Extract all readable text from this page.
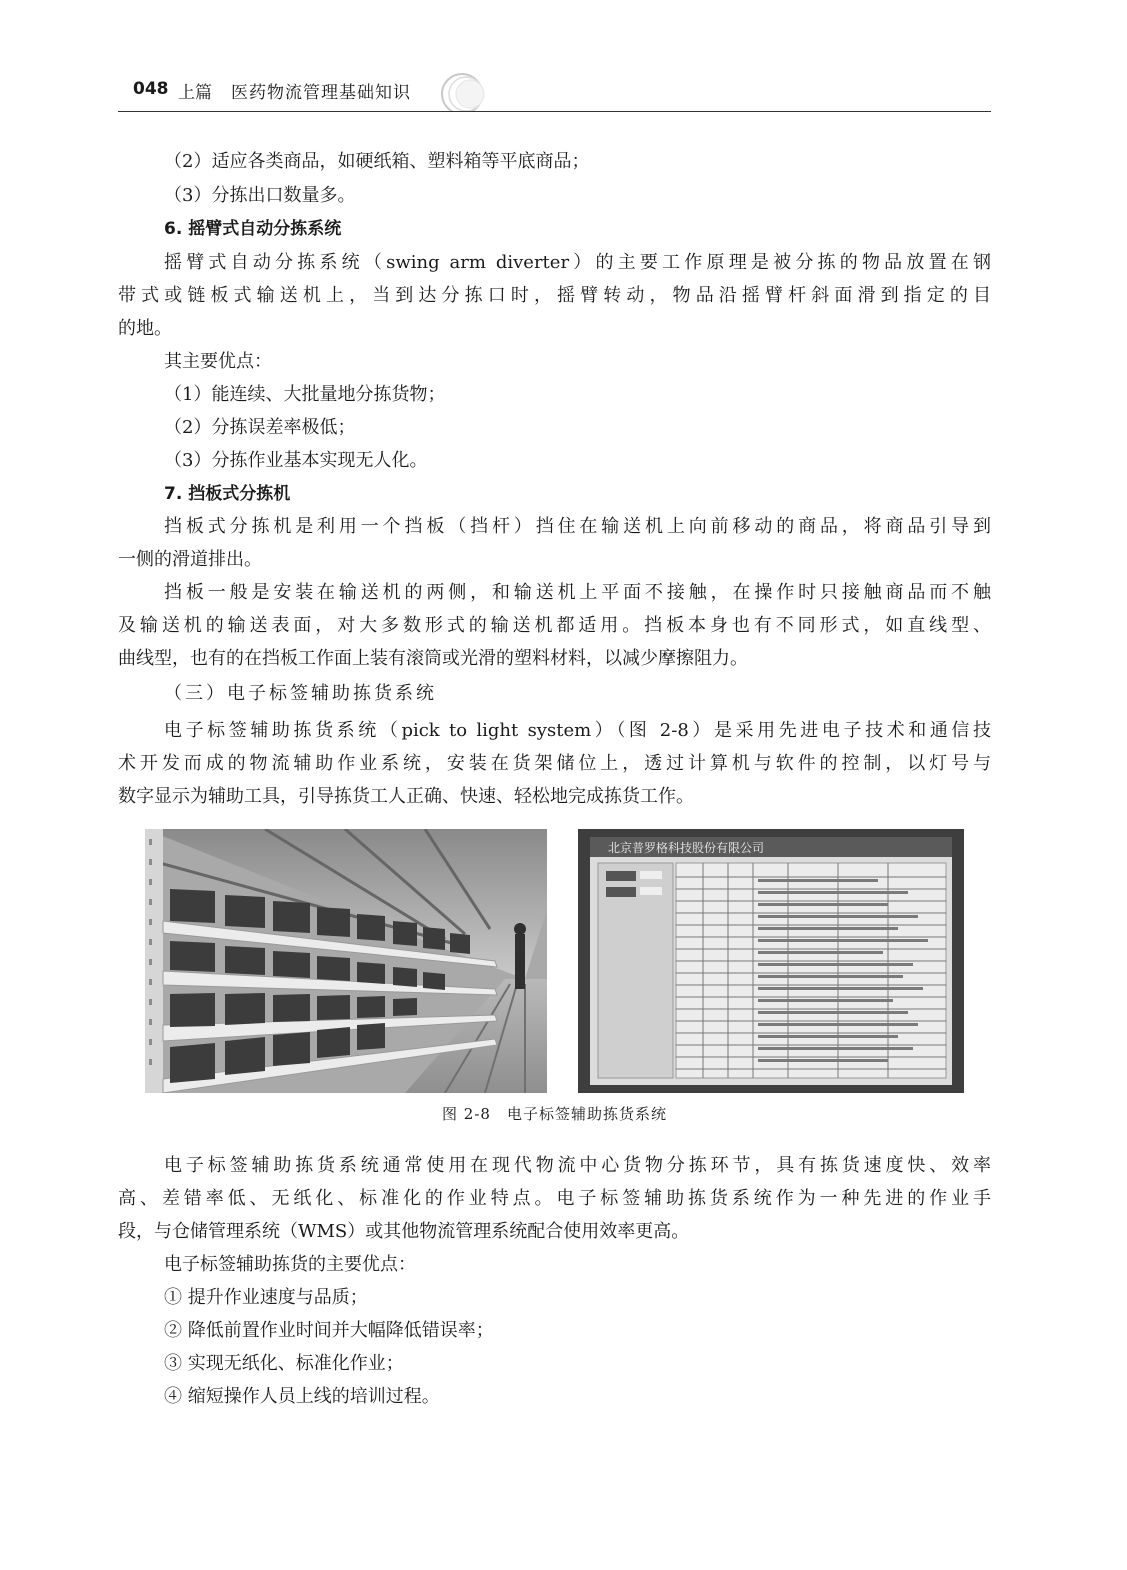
048 上篇 医药物流管理基础知识
（2）适应各类商品，如硬纸箱、塑料箱等平底商品；
（3）分拣出口数量多。
6. 摇臂式自动分拣系统
摇臂式自动分拣系统（swing arm diverter）的主要工作原理是被分拣的物品放置在钢
带式或链板式输送机上，当到达分拣口时，摇臂转动，物品沿摇臂杆斜面滑到指定的目
的地。
其主要优点：
（1）能连续、大批量地分拣货物；
（2）分拣误差率极低；
（3）分拣作业基本实现无人化。
7. 挡板式分拣机
挡板式分拣机是利用一个挡板（挡杆）挡住在输送机上向前移动的商品，将商品引导到
一侧的滑道排出。
挡板一般是安装在输送机的两侧，和输送机上平面不接触，在操作时只接触商品而不触
及输送机的输送表面，对大多数形式的输送机都适用。挡板本身也有不同形式，如直线型、
曲线型，也有的在挡板工作面上装有滚筒或光滑的塑料材料，以减少摩擦阻力。
（三）电子标签辅助拣货系统
电子标签辅助拣货系统（pick to light system）（图 2-8）是采用先进电子技术和通信技
术开发而成的物流辅助作业系统，安装在货架储位上，透过计算机与软件的控制，以灯号与
数字显示为辅助工具，引导拣货工人正确、快速、轻松地完成拣货工作。
北京普罗格科技股份有限公司
图 2-8　电子标签辅助拣货系统
电子标签辅助拣货系统通常使用在现代物流中心货物分拣环节，具有拣货速度快、效率
高、差错率低、无纸化、标准化的作业特点。电子标签辅助拣货系统作为一种先进的作业手
段，与仓储管理系统（WMS）或其他物流管理系统配合使用效率更高。
电子标签辅助拣货的主要优点：
① 提升作业速度与品质；
② 降低前置作业时间并大幅降低错误率；
③ 实现无纸化、标准化作业；
④ 缩短操作人员上线的培训过程。
